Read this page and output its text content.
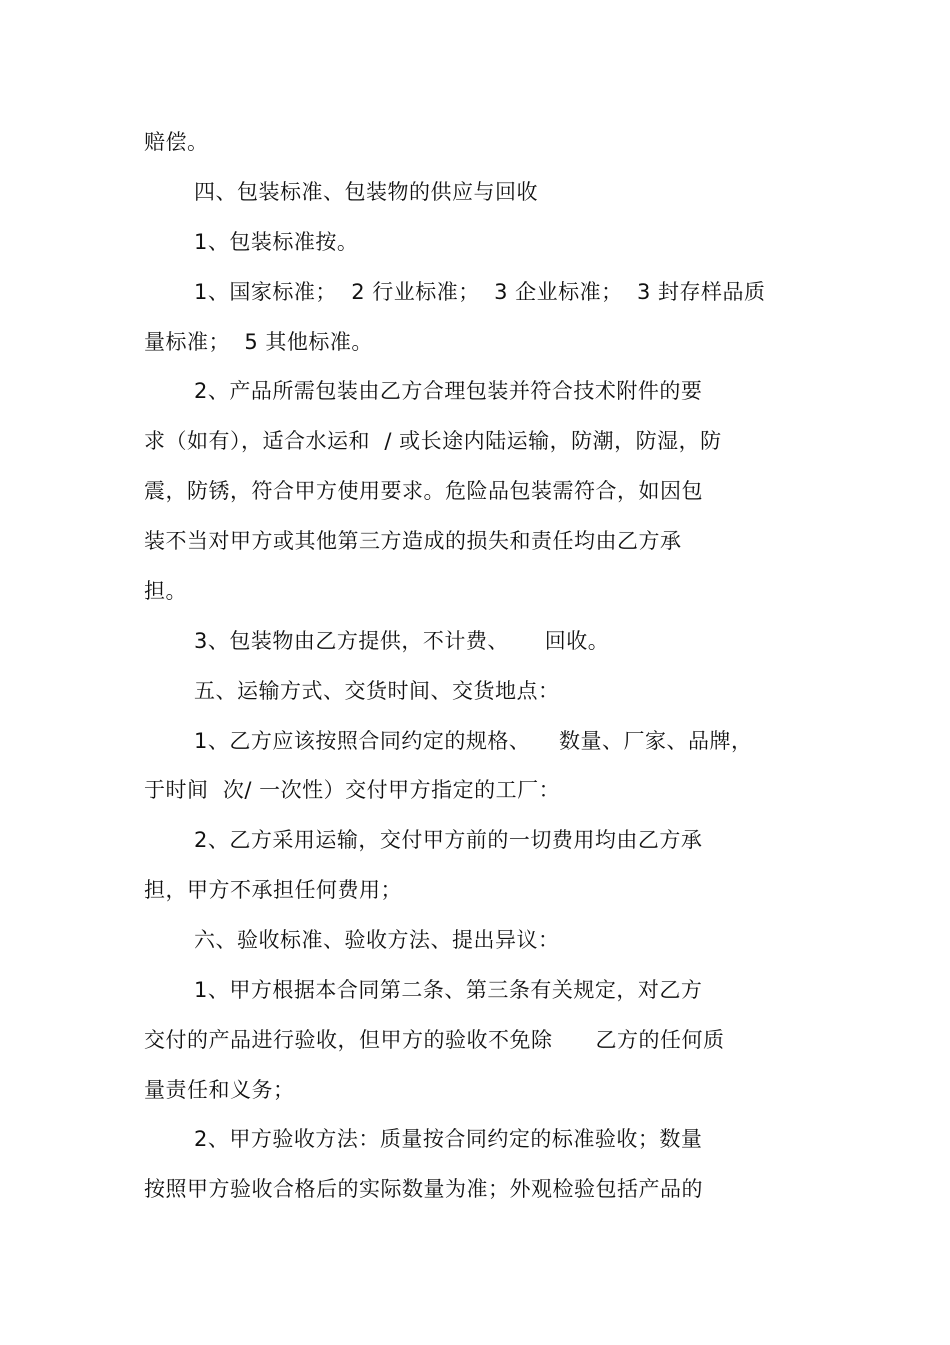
赔偿。
四、包装标准、包装物的供应与回收
1、包装标准按。
1、国家标准；  2 行业标准；  3 企业标准；  3 封存样品质
量标准；  5 其他标准。
2、产品所需包装由乙方合理包装并符合技术附件的要
求（如有），适合水运和  / 或长途内陆运输，防潮，防湿，防
震，防锈，符合甲方使用要求。危险品包装需符合，如因包
装不当对甲方或其他第三方造成的损失和责任均由乙方承
担。
3、包装物由乙方提供，不计费、     回收。
五、运输方式、交货时间、交货地点：
1、乙方应该按照合同约定的规格、    数量、厂家、品牌，
于时间  次/ 一次性）交付甲方指定的工厂：
2、乙方采用运输，交付甲方前的一切费用均由乙方承
担，甲方不承担任何费用；
六、验收标准、验收方法、提出异议：
1、甲方根据本合同第二条、第三条有关规定，对乙方
交付的产品进行验收，但甲方的验收不免除      乙方的任何质
量责任和义务；
2、甲方验收方法：质量按合同约定的标准验收；数量
按照甲方验收合格后的实际数量为准；外观检验包括产品的
